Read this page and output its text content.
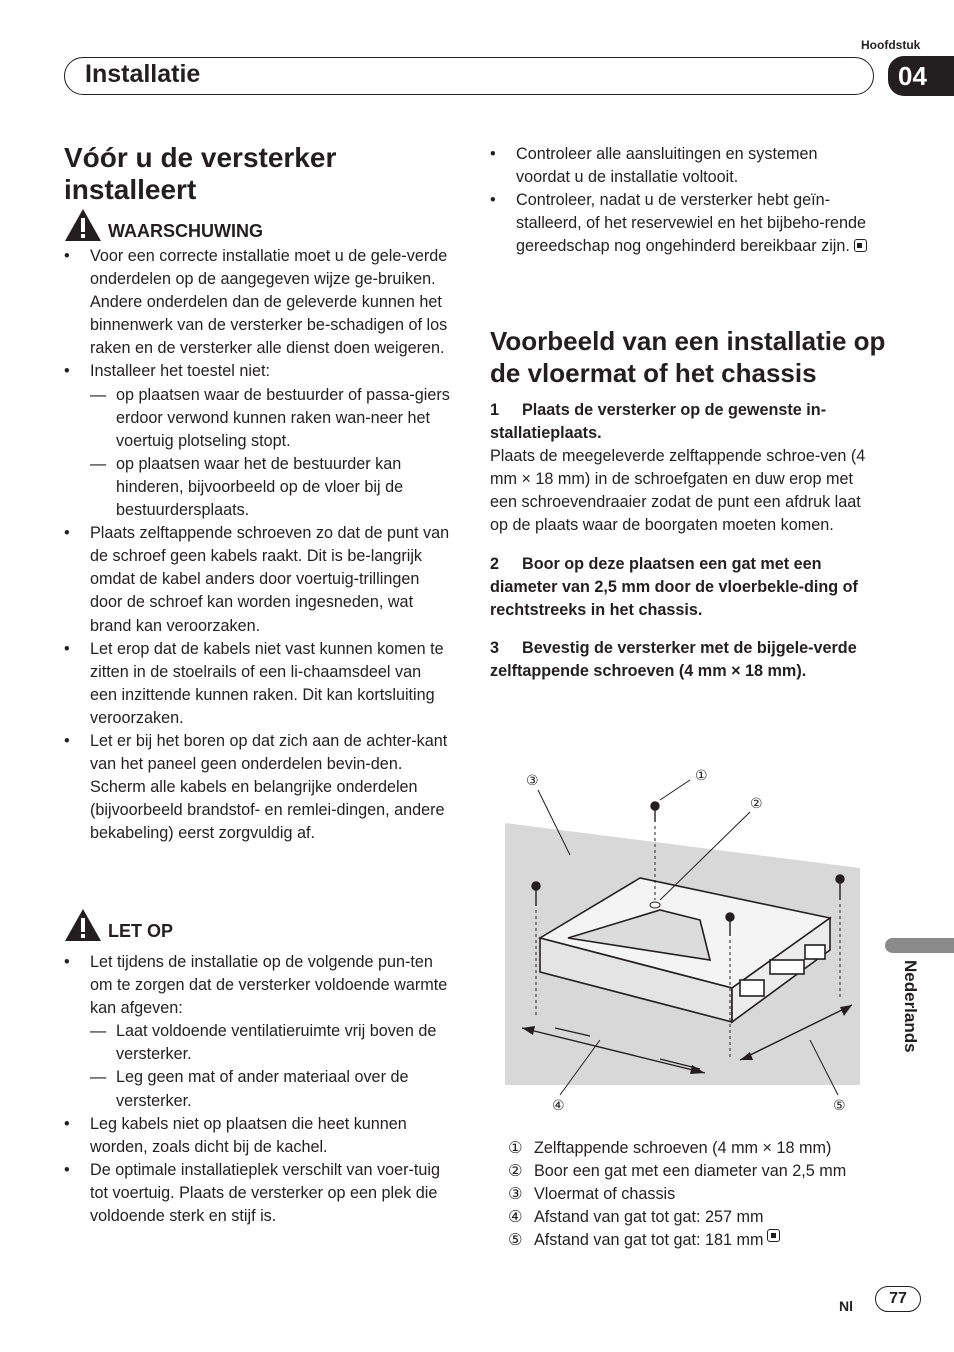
Hoofdstuk
04
Installatie
Vóór u de versterker installeert
WAARSCHUWING
• Voor een correcte installatie moet u de gele-verde onderdelen op de aangegeven wijze ge-bruiken. Andere onderdelen dan de geleverde kunnen het binnenwerk van de versterker be-schadigen of los raken en de versterker alle dienst doen weigeren.
• Installeer het toestel niet:
— op plaatsen waar de bestuurder of passa-giers erdoor verwond kunnen raken wan-neer het voertuig plotseling stopt.
— op plaatsen waar het de bestuurder kan hinderen, bijvoorbeeld op de vloer bij de bestuurdersplaats.
• Plaats zelftappende schroeven zo dat de punt van de schroef geen kabels raakt. Dit is be-langrijk omdat de kabel anders door voertuig-trillingen door de schroef kan worden ingesneden, wat brand kan veroorzaken.
• Let erop dat de kabels niet vast kunnen komen te zitten in de stoelrails of een li-chaamsdeel van een inzittende kunnen raken. Dit kan kortsluiting veroorzaken.
• Let er bij het boren op dat zich aan de achter-kant van het paneel geen onderdelen bevin-den. Scherm alle kabels en belangrijke onderdelen (bijvoorbeeld brandstof- en remlei-dingen, andere bekabeling) eerst zorgvuldig af.
LET OP
• Let tijdens de installatie op de volgende pun-ten om te zorgen dat de versterker voldoende warmte kan afgeven:
— Laat voldoende ventilatieruimte vrij boven de versterker.
— Leg geen mat of ander materiaal over de versterker.
• Leg kabels niet op plaatsen die heet kunnen worden, zoals dicht bij de kachel.
• De optimale installatieplek verschilt van voer-tuig tot voertuig. Plaats de versterker op een plek die voldoende sterk en stijf is.
• Controleer alle aansluitingen en systemen voordat u de installatie voltooit.
• Controleer, nadat u de versterker hebt geïn-stalleerd, of het reservewiel en het bijbeho-rende gereedschap nog ongehinderd bereikbaar zijn.
Voorbeeld van een installatie op de vloermat of het chassis

1 Plaats de versterker op de gewenste in-stallatieplaats.

Plaats de meegeleverde zelftappende schroe-ven (4 mm × 18 mm) in de schroefgaten en duw erop met een schroevendraaier zodat de punt een afdruk laat op de plaats waar de boorgaten moeten komen.

2 Boor op deze plaatsen een gat met een diameter van 2,5 mm door de vloerbekle-ding of rechtstreeks in het chassis.

3 Bevestig de versterker met de bijgele-verde zelftappende schroeven (4 mm × 18 mm).

①
②
③
④	⑤
① Zelftappende schroeven (4 mm × 18 mm)
② Boor een gat met een diameter van 2,5 mm
③ Vloermat of chassis
④ Afstand van gat tot gat: 257 mm
⑤ Afstand van gat tot gat: 181 mm
Nederlands
Nl	77
